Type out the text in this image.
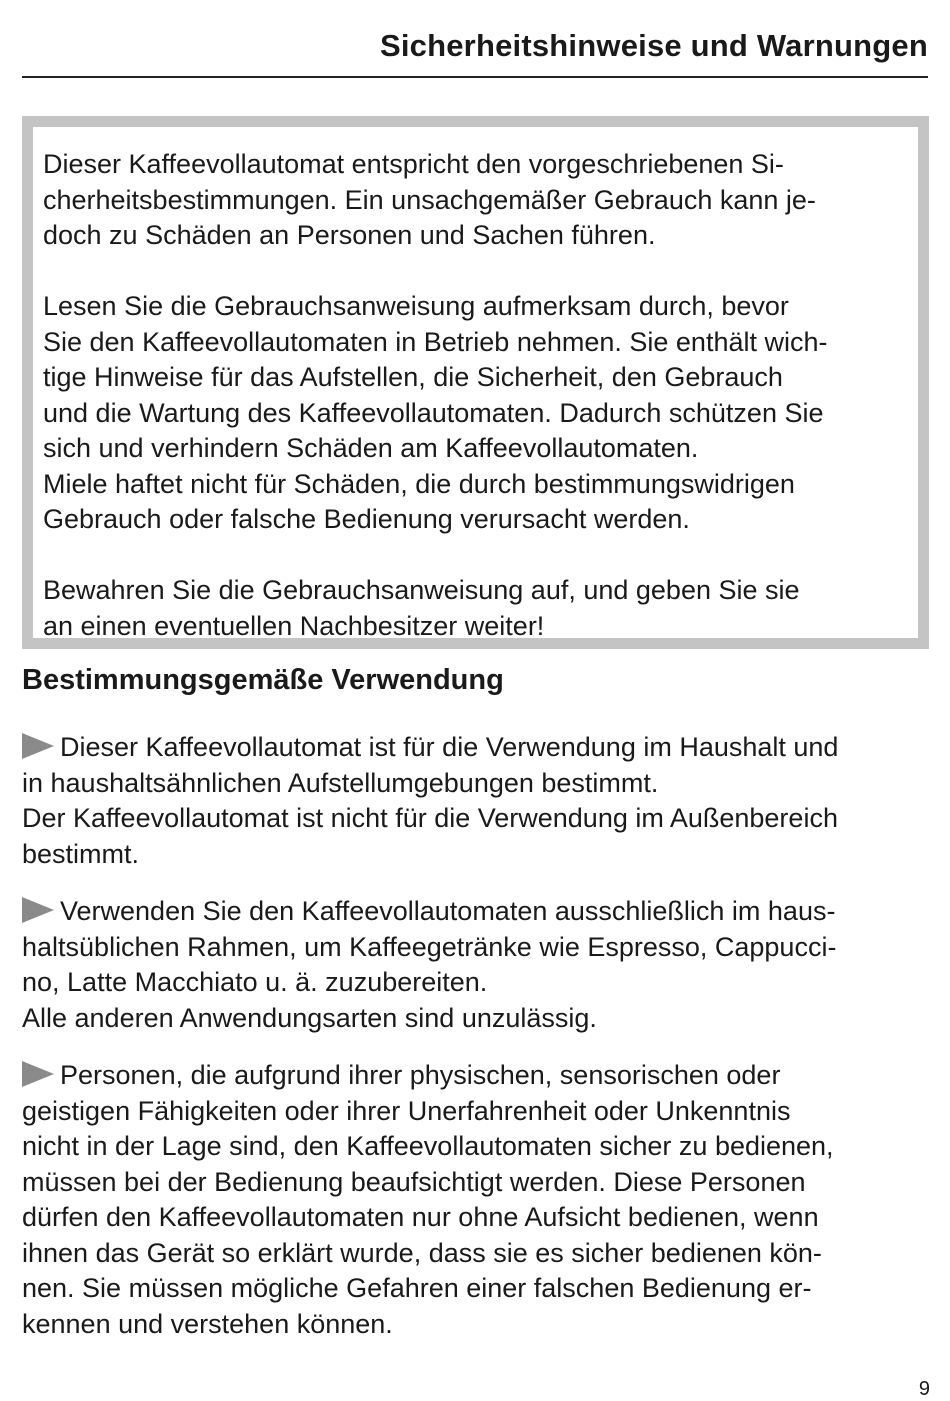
Sicherheitshinweise und Warnungen

Dieser Kaffeevollautomat entspricht den vorgeschriebenen Si-
cherheitsbestimmungen. Ein unsachgemäßer Gebrauch kann je-
doch zu Schäden an Personen und Sachen führen.

Lesen Sie die Gebrauchsanweisung aufmerksam durch, bevor
Sie den Kaffeevollautomaten in Betrieb nehmen. Sie enthält wich-
tige Hinweise für das Aufstellen, die Sicherheit, den Gebrauch
und die Wartung des Kaffeevollautomaten. Dadurch schützen Sie
sich und verhindern Schäden am Kaffeevollautomaten.
Miele haftet nicht für Schäden, die durch bestimmungswidrigen
Gebrauch oder falsche Bedienung verursacht werden.

Bewahren Sie die Gebrauchsanweisung auf, und geben Sie sie
an einen eventuellen Nachbesitzer weiter!

Bestimmungsgemäße Verwendung

Dieser Kaffeevollautomat ist für die Verwendung im Haushalt und
in haushaltsähnlichen Aufstellumgebungen bestimmt.
Der Kaffeevollautomat ist nicht für die Verwendung im Außenbereich
bestimmt.

Verwenden Sie den Kaffeevollautomaten ausschließlich im haus-
haltsüblichen Rahmen, um Kaffeegetränke wie Espresso, Cappucci-
no, Latte Macchiato u. ä. zuzubereiten.
Alle anderen Anwendungsarten sind unzulässig.

Personen, die aufgrund ihrer physischen, sensorischen oder
geistigen Fähigkeiten oder ihrer Unerfahrenheit oder Unkenntnis
nicht in der Lage sind, den Kaffeevollautomaten sicher zu bedienen,
müssen bei der Bedienung beaufsichtigt werden. Diese Personen
dürfen den Kaffeevollautomaten nur ohne Aufsicht bedienen, wenn
ihnen das Gerät so erklärt wurde, dass sie es sicher bedienen kön-
nen. Sie müssen mögliche Gefahren einer falschen Bedienung er-
kennen und verstehen können.

9
